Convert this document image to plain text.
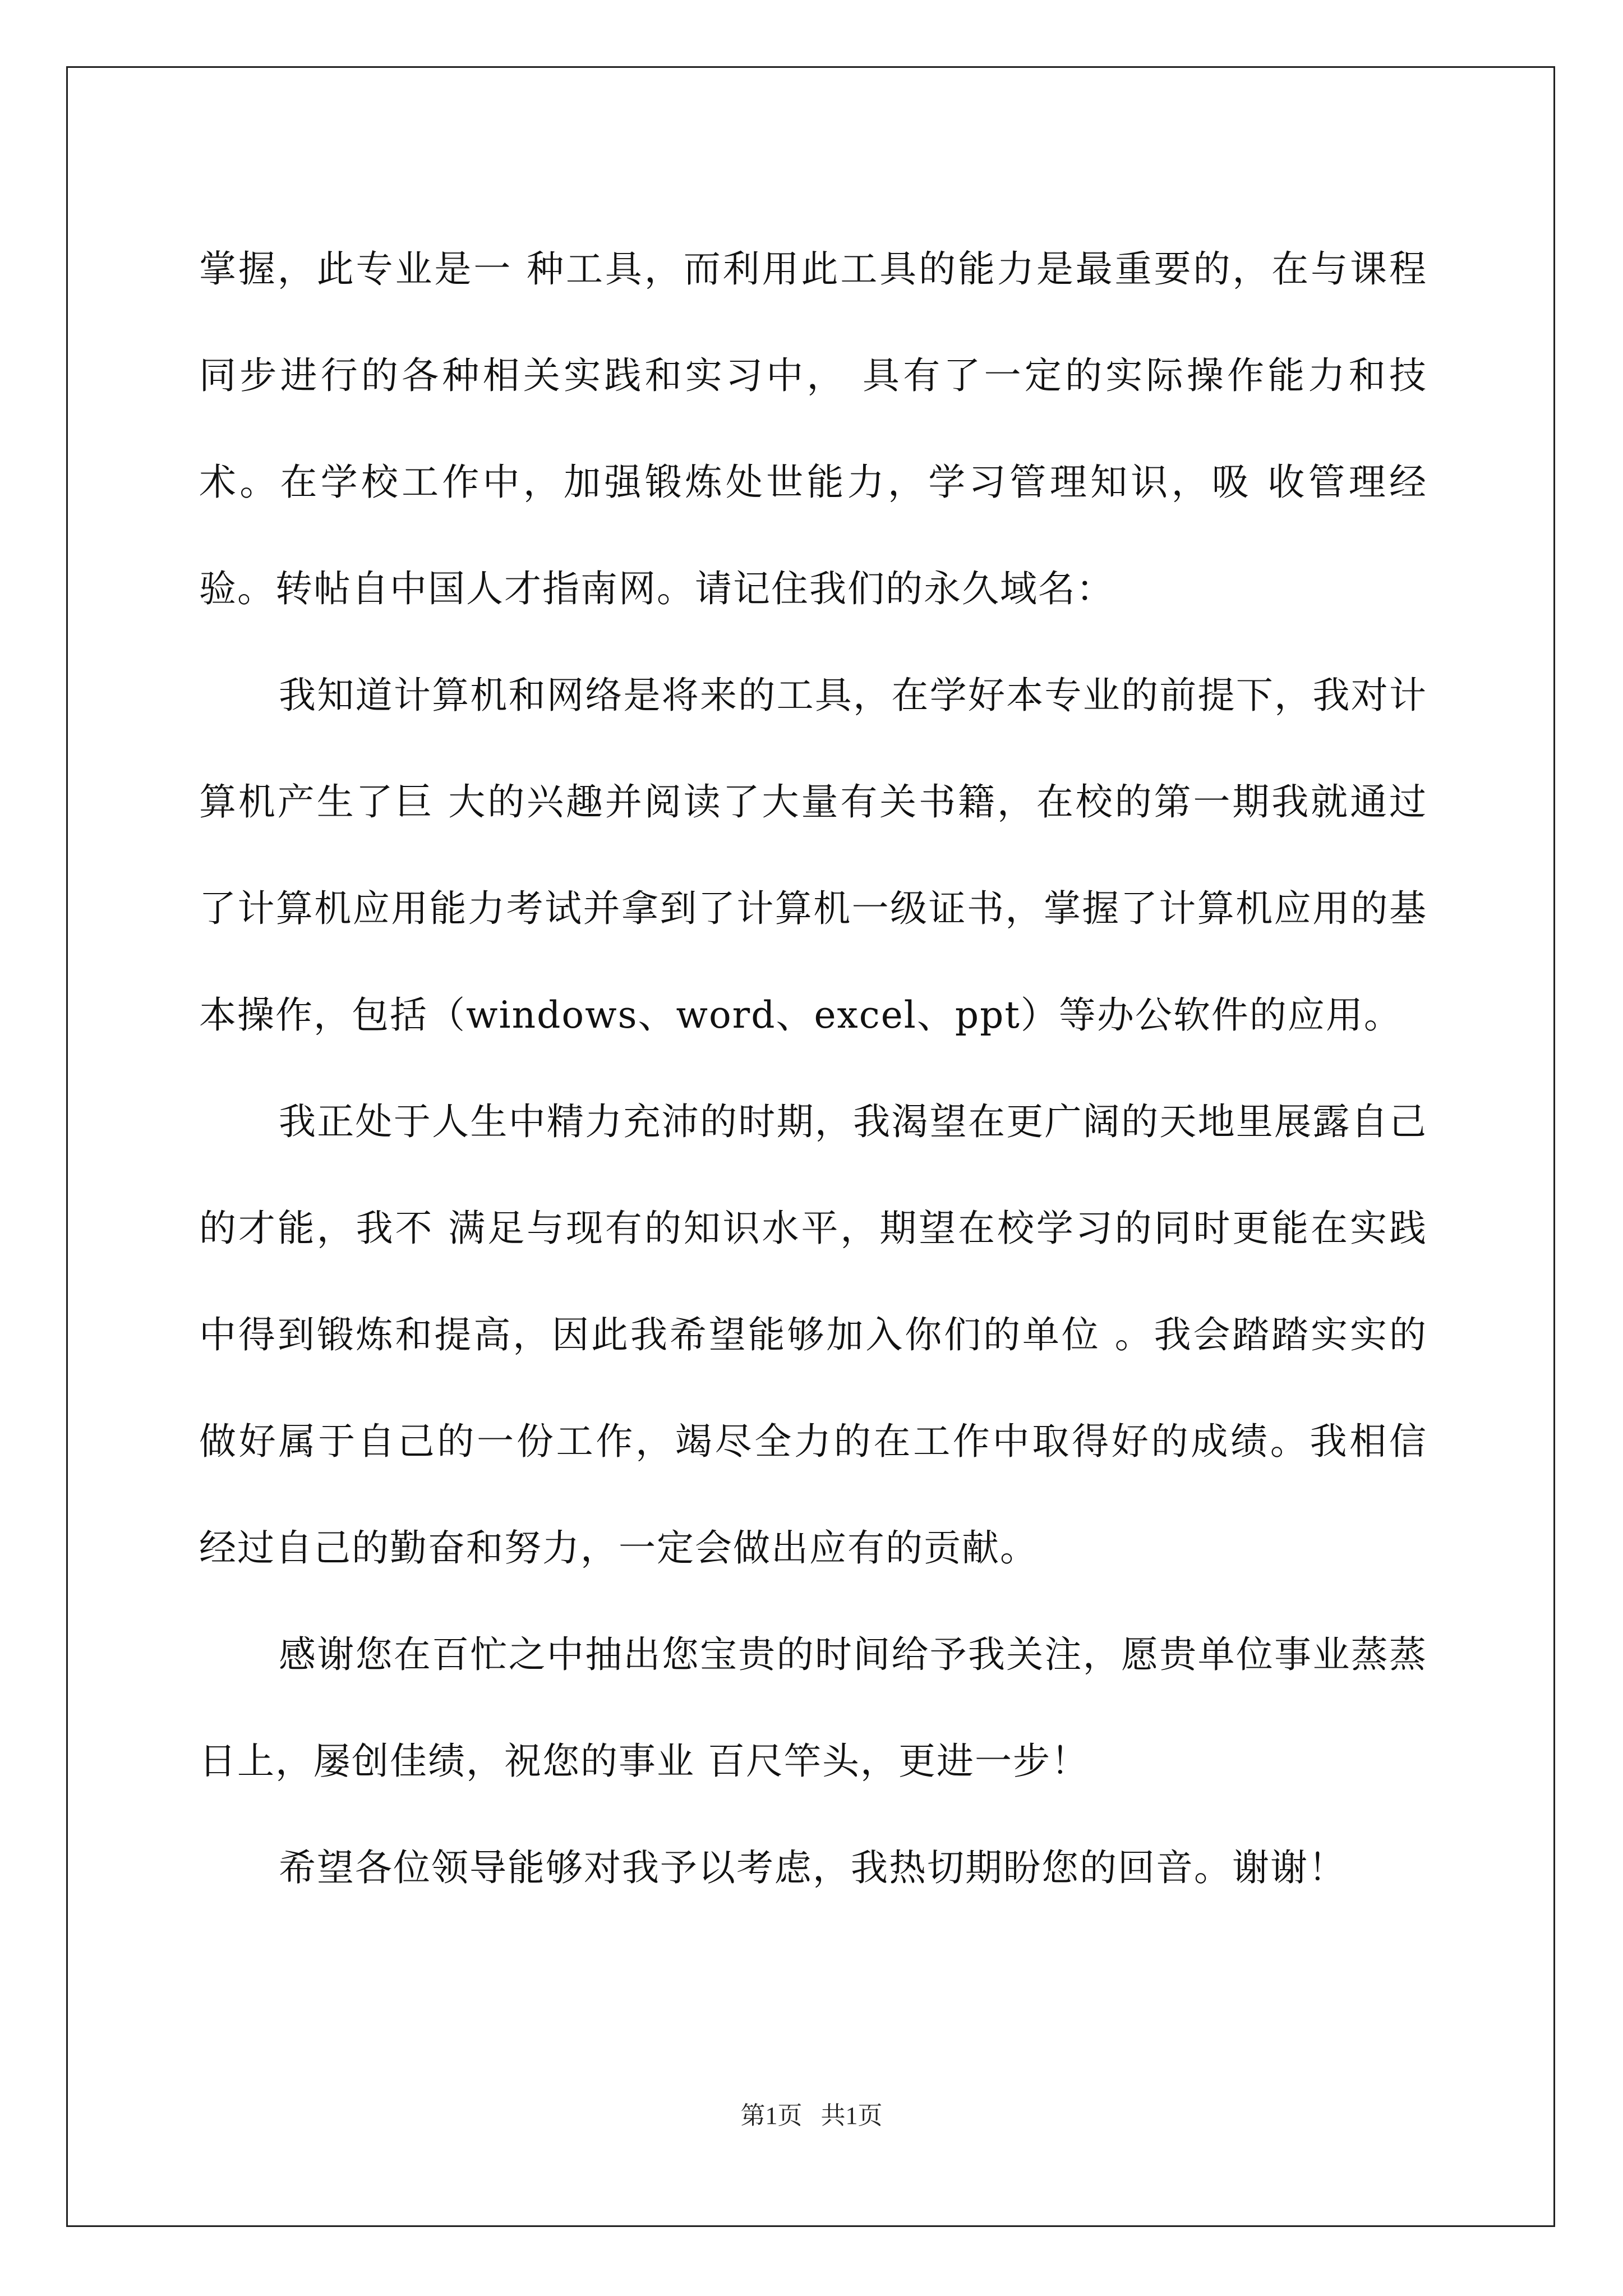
掌握，此专业是一 种工具，而利用此工具的能力是最重要的，在与课程同步进行的各种相关实践和实习中， 具有了一定的实际操作能力和技术。在学校工作中，加强锻炼处世能力，学习管理知识，吸 收管理经验。转帖自中国人才指南网。请记住我们的永久域名：

我知道计算机和网络是将来的工具，在学好本专业的前提下，我对计算机产生了巨 大的兴趣并阅读了大量有关书籍，在校的第一期我就通过了计算机应用能力考试并拿到了计算机一级证书，掌握了计算机应用的基本操作，包括（windows、word、excel、ppt）等办公软件的应用。

我正处于人生中精力充沛的时期，我渴望在更广阔的天地里展露自己的才能，我不 满足与现有的知识水平，期望在校学习的同时更能在实践中得到锻炼和提高，因此我希望能够加入你们的单位 。我会踏踏实实的做好属于自己的一份工作，竭尽全力的在工作中取得好的成绩。我相信 经过自己的勤奋和努力，一定会做出应有的贡献。

感谢您在百忙之中抽出您宝贵的时间给予我关注，愿贵单位事业蒸蒸日上，屡创佳绩，祝您的事业 百尺竿头，更进一步！

希望各位领导能够对我予以考虑，我热切期盼您的回音。谢谢！

第1页   共1页
